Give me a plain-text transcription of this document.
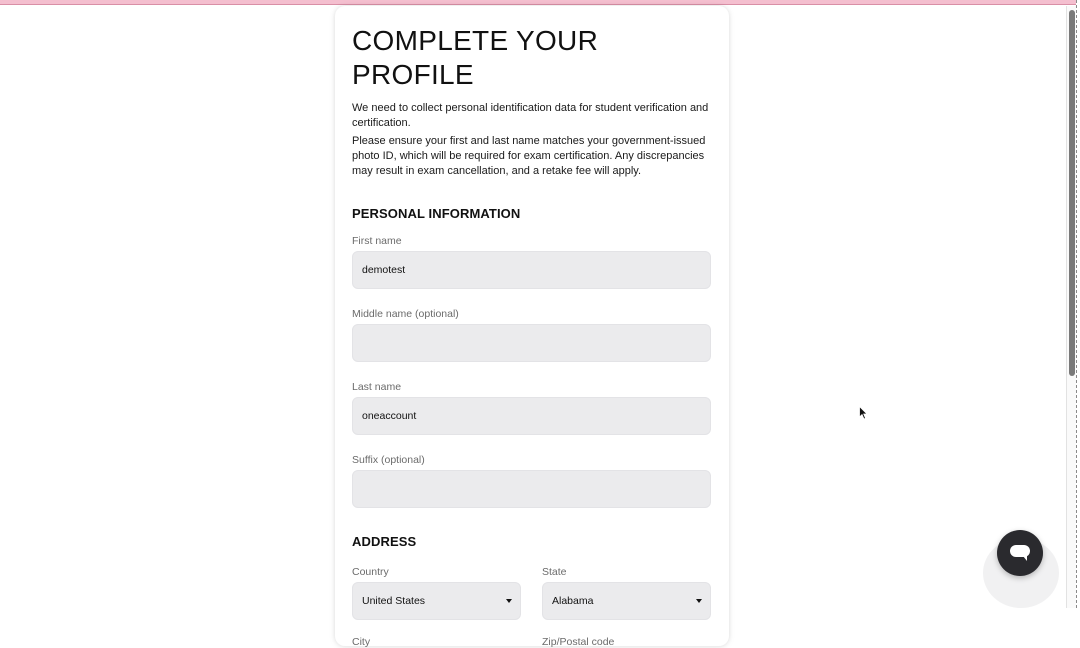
COMPLETE YOUR PROFILE

We need to collect personal identification data for student verification and certification.

Please ensure your first and last name matches your government-issued photo ID, which will be required for exam certification. Any discrepancies may result in exam cancellation, and a retake fee will apply.

PERSONAL INFORMATION
First name
demotest
Middle name (optional)
Last name
oneaccount
Suffix (optional)
ADDRESS
Country
United States
State
Alabama
City	Zip/Postal code
